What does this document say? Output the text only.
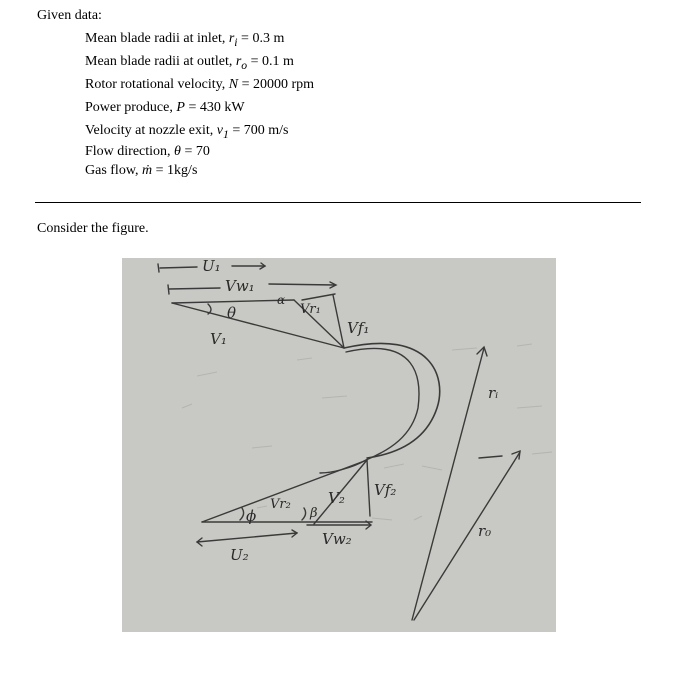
Given data:
Mean blade radii at inlet, $r_i = 0.3$ m
Mean blade radii at outlet, $r_o = 0.1$ m
Rotor rotational velocity, N = 20000 rpm
Power produce, P = 430 kW
Velocity at nozzle exit, $v_1 = 700$ m/s
Flow direction, θ = 70
Gas flow, ṁ = 1kg/s
Consider the figure.
U₁
Vw₁
θ
α
V₁
Vr₁
Vf₁
rᵢ
Vr₂ V₂ Vf₂
ϕ	β
Vw₂
U₂
r₀
